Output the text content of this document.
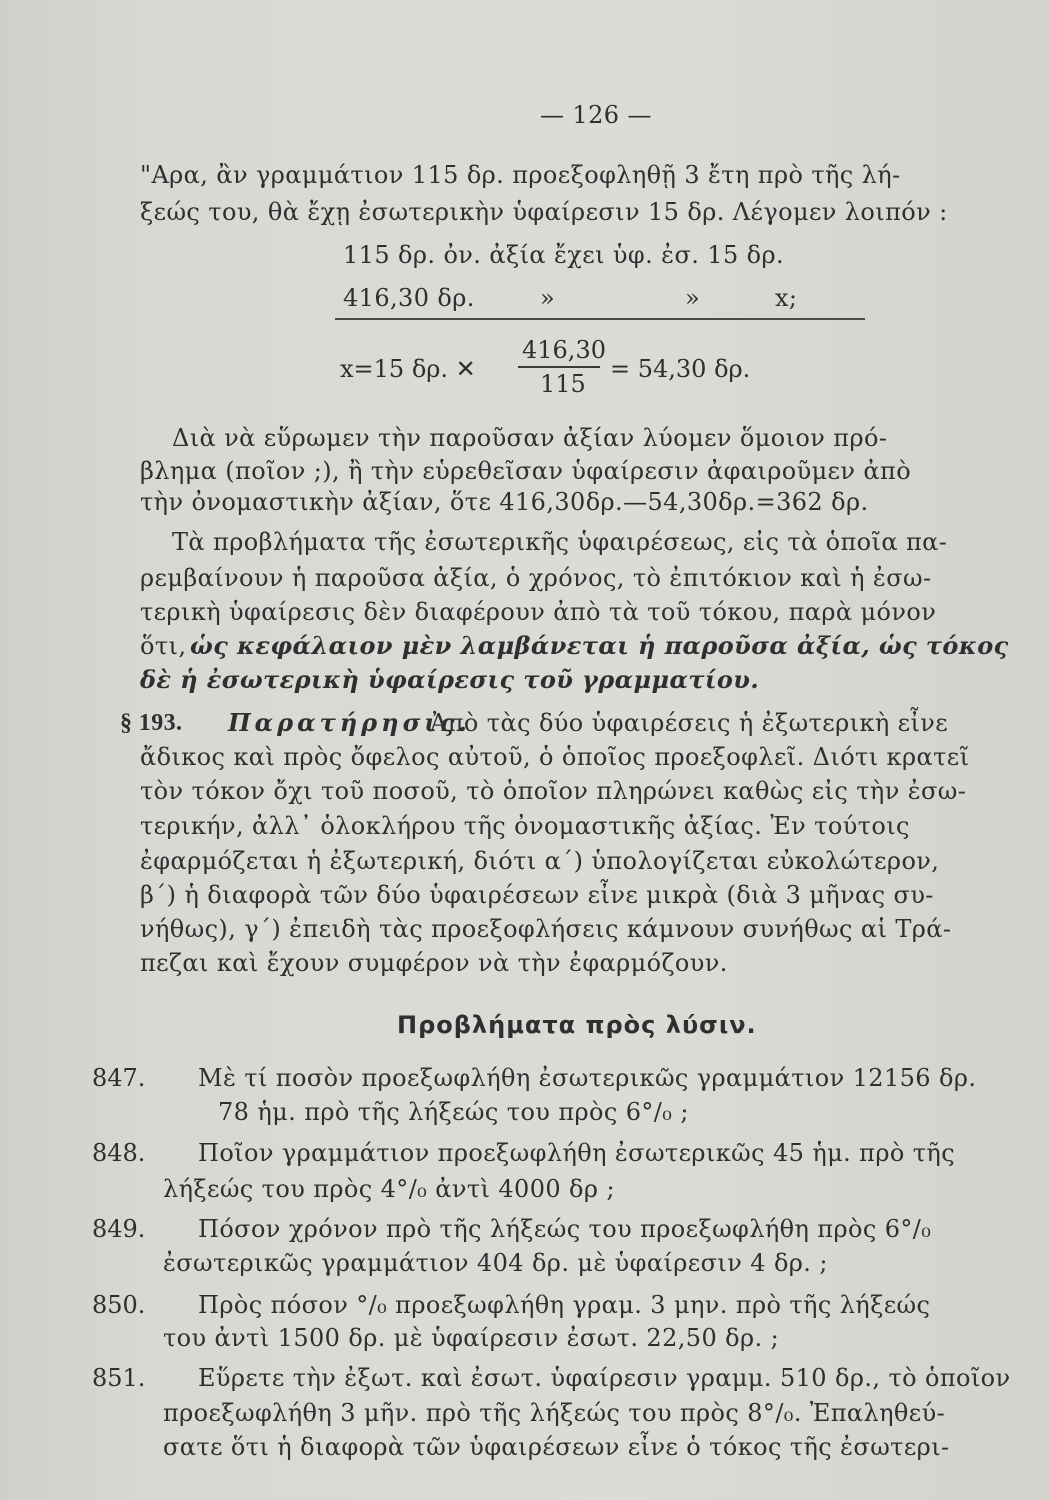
— 126 —
"Αρα, ἂν γραμμάτιον 115 δρ. προεξοφληθῇ 3 ἔτη πρὸ τῆς λή-
ξεώς του, θὰ ἔχῃ ἐσωτερικὴν ὑφαίρεσιν 15 δρ. Λέγομεν λοιπόν :
115 δρ. ὀν. ἀξία ἔχει ὑφ. ἐσ. 15 δρ.
416,30 δρ.	»	»	x;
x=15 δρ. ✕
416,30
115
= 54,30 δρ.
Διὰ νὰ εὕρωμεν τὴν παροῦσαν ἀξίαν λύομεν ὅμοιον πρό-
βλημα (ποῖον ;), ἢ τὴν εὑρεθεῖσαν ὑφαίρεσιν ἀφαιροῦμεν ἀπὸ
τὴν ὀνομαστικὴν ἀξίαν, ὅτε 416,30δρ.—54,30δρ.=362 δρ.
Τὰ προβλήματα τῆς ἐσωτερικῆς ὑφαιρέσεως, εἰς τὰ ὁποῖα πα-
ρεμβαίνουν ἡ παροῦσα ἀξία, ὁ χρόνος, τὸ ἐπιτόκιον καὶ ἡ ἐσω-
τερικὴ ὑφαίρεσις δὲν διαφέρουν ἀπὸ τὰ τοῦ τόκου, παρὰ μόνον
ὅτι, ὡς κεφάλαιον μὲν λαμβάνεται ἡ παροῦσα ἀξία, ὡς τόκος
δὲ ἡ ἐσωτερικὴ ὑφαίρεσις τοῦ γραμματίου.
§ 193. Παρατήρησις.
Ἀπὸ τὰς δύο ὑφαιρέσεις ἡ ἐξωτερικὴ εἶνε
ἄδικος καὶ πρὸς ὄφελος αὐτοῦ, ὁ ὁποῖος προεξοφλεῖ. Διότι κρατεῖ
τὸν τόκον ὄχι τοῦ ποσοῦ, τὸ ὁποῖον πληρώνει καθὼς εἰς τὴν ἐσω-
τερικήν, ἀλλ᾽ ὁλοκλήρου τῆς ὀνομαστικῆς ἀξίας. Ἐν τούτοις
ἐφαρμόζεται ἡ ἐξωτερική, διότι α΄) ὑπολογίζεται εὐκολώτερον,
β΄) ἡ διαφορὰ τῶν δύο ὑφαιρέσεων εἶνε μικρὰ (διὰ 3 μῆνας συ-
νήθως), γ΄) ἐπειδὴ τὰς προεξοφλήσεις κάμνουν συνήθως αἱ Τρά-
πεζαι καὶ ἔχουν συμφέρον νὰ τὴν ἐφαρμόζουν.
Προβλήματα πρὸς λύσιν.
847. Μὲ τί ποσὸν προεξωφλήθη ἐσωτερικῶς γραμμάτιον 12156 δρ.
78 ἡμ. πρὸ τῆς λήξεώς του πρὸς 6°/₀ ;
848. Ποῖον γραμμάτιον προεξωφλήθη ἐσωτερικῶς 45 ἡμ. πρὸ τῆς
λήξεώς του πρὸς 4°/₀ ἀντὶ 4000 δρ ;
849. Πόσον χρόνον πρὸ τῆς λήξεώς του προεξωφλήθη πρὸς 6°/₀
ἐσωτερικῶς γραμμάτιον 404 δρ. μὲ ὑφαίρεσιν 4 δρ. ;
850. Πρὸς πόσον °/₀ προεξωφλήθη γραμ. 3 μην. πρὸ τῆς λήξεώς
του ἀντὶ 1500 δρ. μὲ ὑφαίρεσιν ἐσωτ. 22,50 δρ. ;
851. Εὕρετε τὴν ἐξωτ. καὶ ἐσωτ. ὑφαίρεσιν γραμμ. 510 δρ., τὸ ὁποῖον
προεξωφλήθη 3 μῆν. πρὸ τῆς λήξεώς του πρὸς 8°/₀. Ἐπαληθεύ-
σατε ὅτι ἡ διαφορὰ τῶν ὑφαιρέσεων εἶνε ὁ τόκος τῆς ἐσωτερι-
